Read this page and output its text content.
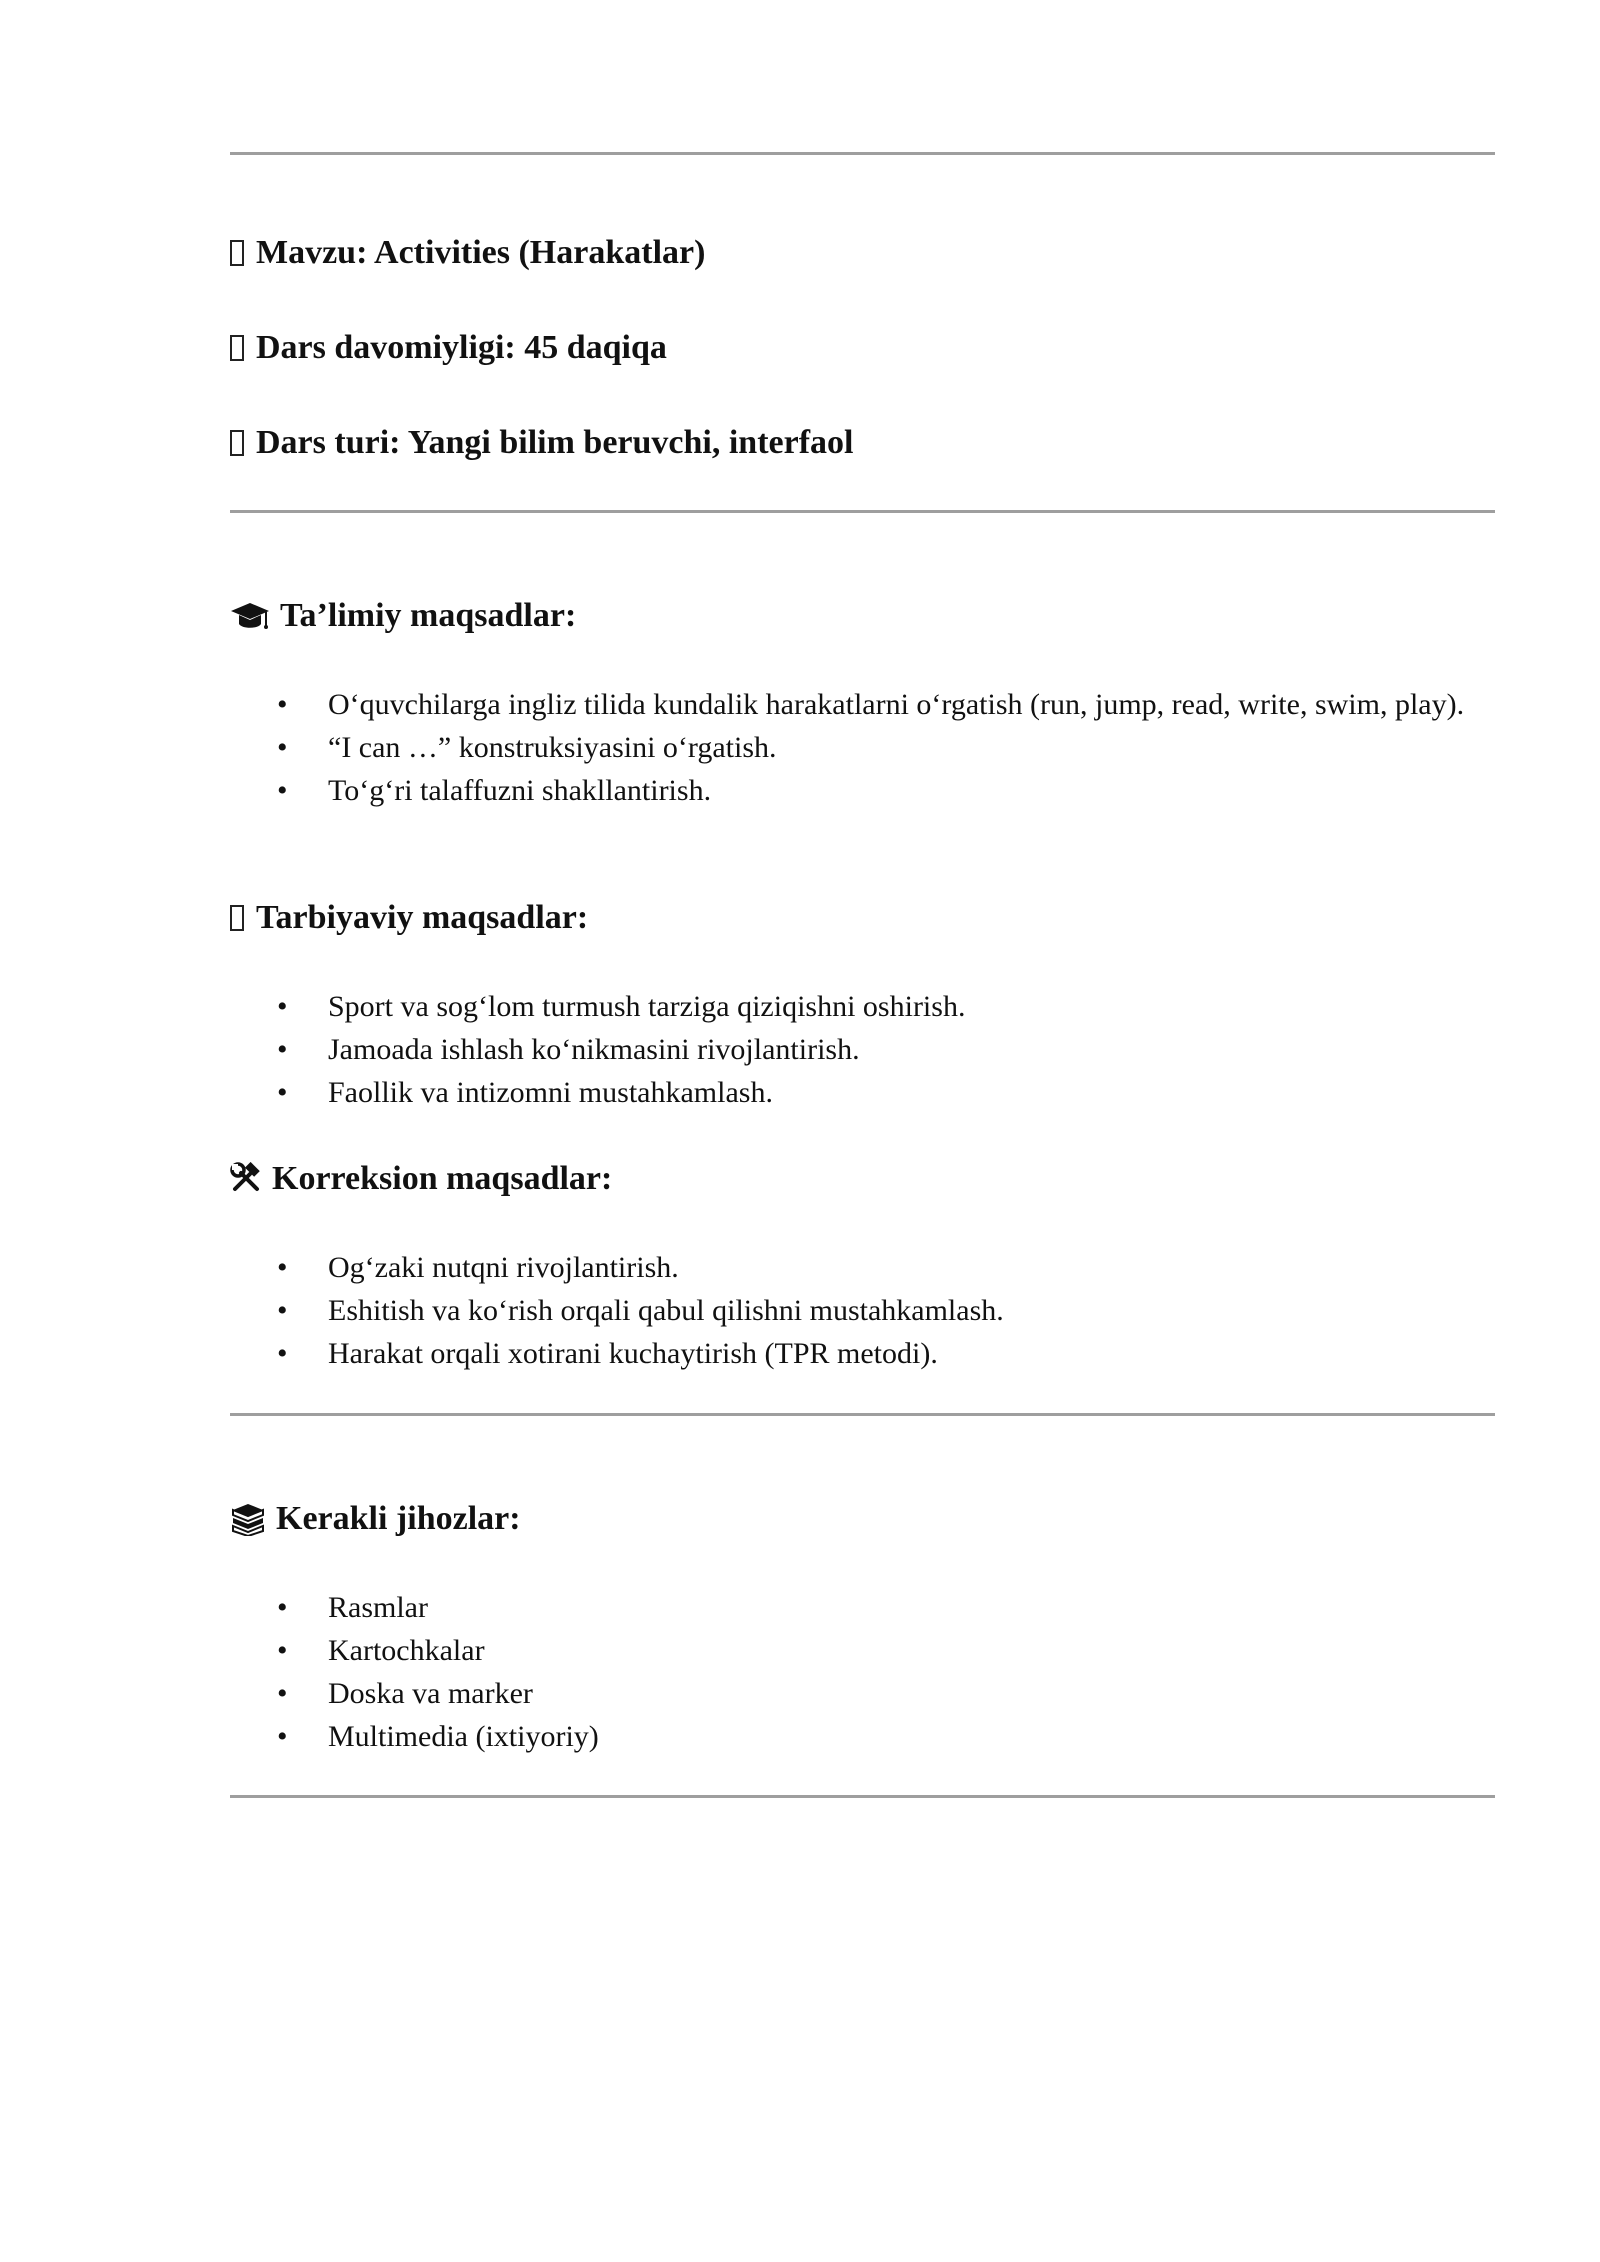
Mavzu: Activities (Harakatlar)
Dars davomiyligi: 45 daqiqa
Dars turi: Yangi bilim beruvchi, interfaol
Ta’limiy maqsadlar:
• O‘quvchilarga ingliz tilida kundalik harakatlarni o‘rgatish (run, jump, read, write, swim, play).
• “I can …” konstruksiyasini o‘rgatish.
• To‘g‘ri talaffuzni shakllantirish.
Tarbiyaviy maqsadlar:
• Sport va sog‘lom turmush tarziga qiziqishni oshirish.
• Jamoada ishlash ko‘nikmasini rivojlantirish.
• Faollik va intizomni mustahkamlash.
Korreksion maqsadlar:
• Og‘zaki nutqni rivojlantirish.
• Eshitish va ko‘rish orqali qabul qilishni mustahkamlash.
• Harakat orqali xotirani kuchaytirish (TPR metodi).
Kerakli jihozlar:
• Rasmlar
• Kartochkalar
• Doska va marker
• Multimedia (ixtiyoriy)
